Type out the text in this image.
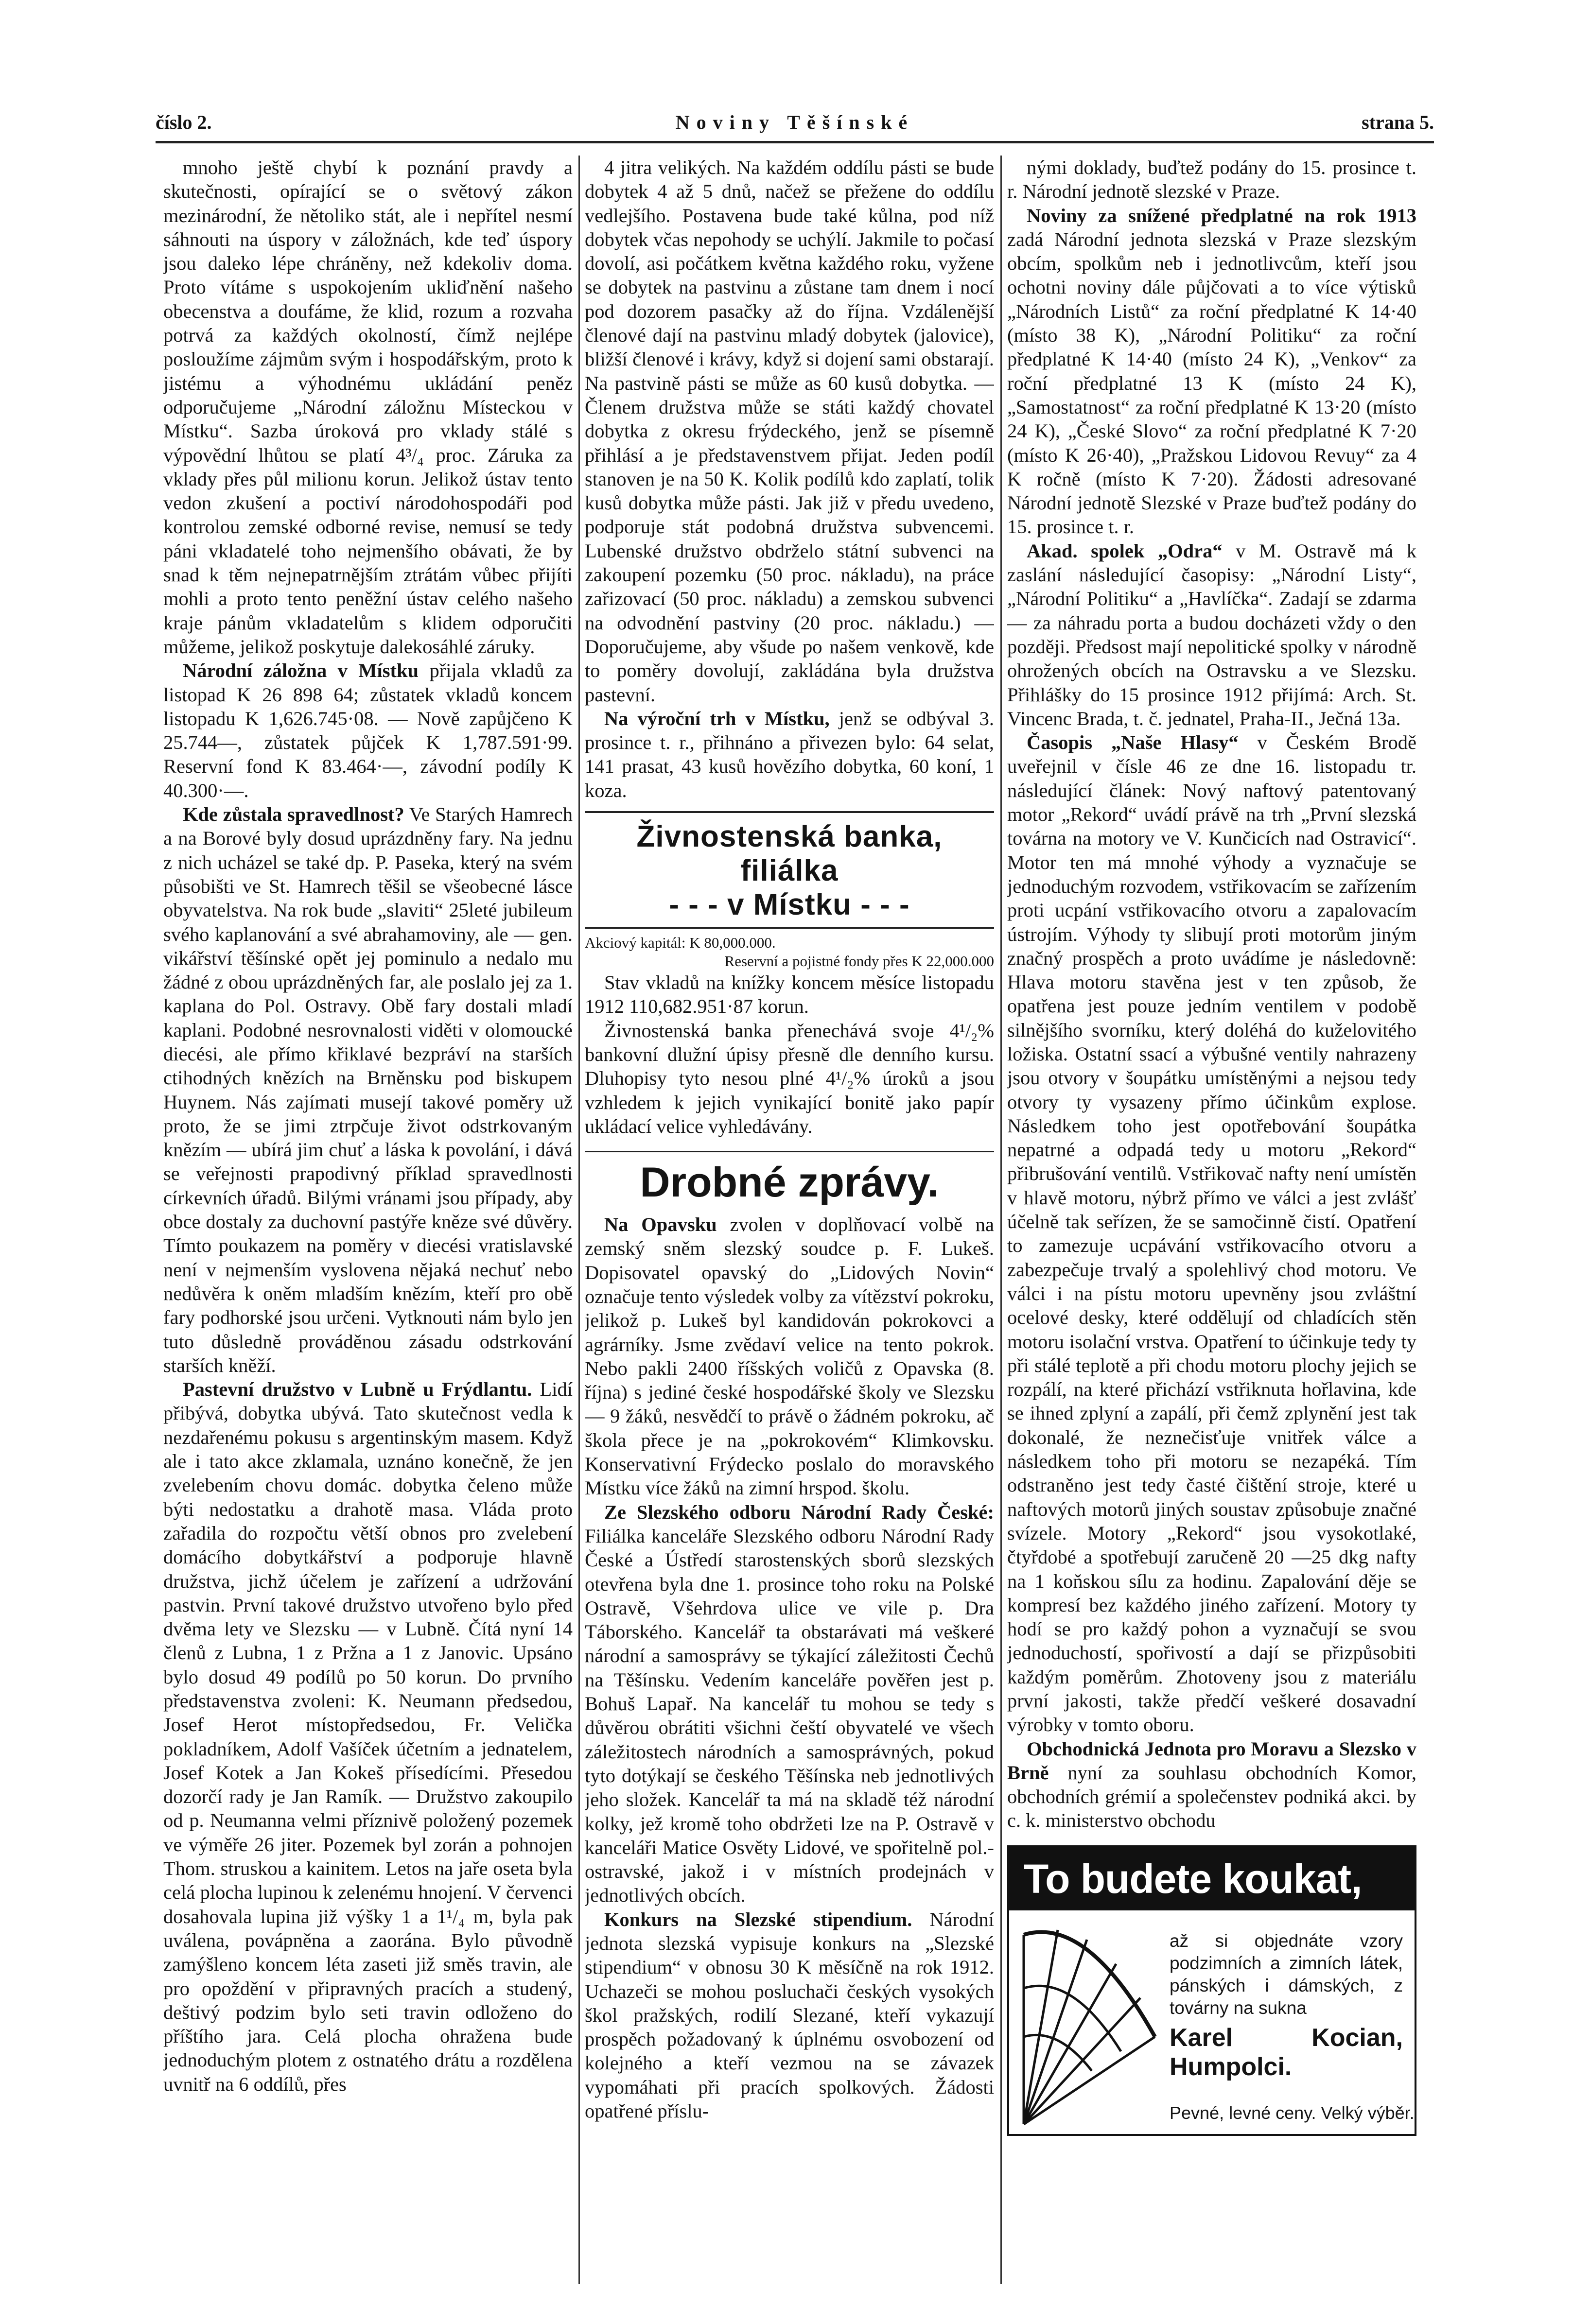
číslo 2.	Noviny Těšínské	strana 5.

mnoho ještě chybí k poznání pravdy a skutečnosti, opírající se o světový zákon mezinárodní, že nětoliko stát, ale i nepřítel nesmí sáhnouti na úspory v záložnách, kde teď úspory jsou daleko lépe chráněny, než kdekoliv doma. Proto vítáme s uspokojením ukliďnění našeho obecenstva a doufáme, že klid, rozum a rozvaha potrvá za každých okolností, čímž nejlépe posloužíme zájmům svým i hospodářským, proto k jistému a výhodnému ukládání peněz odporučujeme „Národní záložnu Místeckou v Místku“. Sazba úroková pro vklady stálé s výpovědní lhůtou se platí 4³/₄ proc. Záruka za vklady přes půl milionu korun. Jelikož ústav tento vedon zkušení a poctiví národohospodáři pod kontrolou zemské odborné revise, nemusí se tedy páni vkladatelé toho nejmenšího obávati, že by snad k těm nejnepatrnějším ztrátám vůbec přijíti mohli a proto tento peněžní ústav celého našeho kraje pánům vkladatelům s klidem odporučiti můžeme, jelikož poskytuje dalekosáhlé záruky.

Národní záložna v Místku přijala vkladů za listopad K 26 898 64; zůstatek vkladů koncem listopadu K 1,626.745·08. — Nově zapůjčeno K 25.744—, zůstatek půjček K 1,787.591·99. Reservní fond K 83.464·—, závodní podíly K 40.300·—.

Kde zůstala spravedlnost? Ve Starých Hamrech a na Borové byly dosud uprázdněny fary. Na jednu z nich ucházel se také dp. P. Paseka, který na svém působišti ve St. Hamrech těšil se všeobecné lásce obyvatelstva. Na rok bude „slaviti“ 25leté jubileum svého kaplanování a své abrahamoviny, ale — gen. vikářství těšínské opět jej pominulo a nedalo mu žádné z obou uprázdněných far, ale poslalo jej za 1. kaplana do Pol. Ostravy. Obě fary dostali mladí kaplani. Podobné nesrovnalosti viděti v olomoucké diecési, ale přímo křiklavé bezpráví na starších ctihodných knězích na Brněnsku pod biskupem Huynem. Nás zajímati musejí takové poměry už proto, že se jimi ztrpčuje život odstrkovaným knězím — ubírá jim chuť a láska k povolání, i dává se veřejnosti prapodivný příklad spravedlnosti církevních úřadů. Bilými vránami jsou případy, aby obce dostaly za duchovní pastýře kněze své důvěry. Tímto poukazem na poměry v diecési vratislavské není v nejmenším vyslovena nějaká nechuť nebo nedůvěra k oněm mladším knězím, kteří pro obě fary podhorské jsou určeni. Vytknouti nám bylo jen tuto důsledně prováděnou zásadu odstrkování starších kněží.

Pastevní družstvo v Lubně u Frýdlantu. Lidí přibývá, dobytka ubývá. Tato skutečnost vedla k nezdařenému pokusu s argentinským masem. Když ale i tato akce zklamala, uznáno konečně, že jen zvelebením chovu domác. dobytka čeleno může býti nedostatku a drahotě masa. Vláda proto zařadila do rozpočtu větší obnos pro zvelebení domácího dobytkářství a podporuje hlavně družstva, jichž účelem je zařízení a udržování pastvin. První takové družstvo utvořeno bylo před dvěma lety ve Slezsku — v Lubně. Čítá nyní 14 členů z Lubna, 1 z Pržna a 1 z Janovic. Upsáno bylo dosud 49 podílů po 50 korun. Do prvního představenstva zvoleni: K. Neumann předsedou, Josef Herot místopředsedou, Fr. Velička pokladníkem, Adolf Vašíček účetním a jednatelem, Josef Kotek a Jan Kokeš přísedícími. Přesedou dozorčí rady je Jan Ramík. — Družstvo zakoupilo od p. Neumanna velmi příznivě položený pozemek ve výměře 26 jiter. Pozemek byl zorán a pohnojen Thom. struskou a kainitem. Letos na jaře oseta byla celá plocha lupinou k zelenému hnojení. V červenci dosahovala lupina již výšky 1 a 1¹/₄ m, byla pak uválena, povápněna a zaorána. Bylo původně zamýšleno koncem léta zaseti již směs travin, ale pro opoždění v připravných pracích a studený, deštivý podzim bylo seti travin odloženo do příštího jara. Celá plocha ohražena bude jednoduchým plotem z ostnatého drátu a rozdělena uvnitř na 6 oddílů, přes

4 jitra velikých. Na každém oddílu pásti se bude dobytek 4 až 5 dnů, načež se přežene do oddílu vedlejšího. Postavena bude také kůlna, pod níž dobytek včas nepohody se uchýlí. Jakmile to počasí dovolí, asi počátkem května každého roku, vyžene se dobytek na pastvinu a zůstane tam dnem i nocí pod dozorem pasačky až do října. Vzdálenější členové dají na pastvinu mladý dobytek (jalovice), bližší členové i krávy, když si dojení sami obstarají. Na pastvině pásti se může as 60 kusů dobytka. — Členem družstva může se státi každý chovatel dobytka z okresu frýdeckého, jenž se písemně přihlásí a je představenstvem přijat. Jeden podíl stanoven je na 50 K. Kolik podílů kdo zaplatí, tolik kusů dobytka může pásti. Jak již v předu uvedeno, podporuje stát podobná družstva subvencemi. Lubenské družstvo obdrželo státní subvenci na zakoupení pozemku (50 proc. nákladu), na práce zařizovací (50 proc. nákladu) a zemskou subvenci na odvodnění pastviny (20 proc. nákladu.) — Doporučujeme, aby všude po našem venkově, kde to poměry dovolují, zakládána byla družstva pastevní.

Na výroční trh v Místku, jenž se odbýval 3. prosince t. r., přihnáno a přivezen bylo: 64 selat, 141 prasat, 43 kusů hovězího dobytka, 60 koní, 1 koza.

Živnostenská banka, filiálka
- - - v Místku - - -

Akciový kapitál: K 80,000.000.

Reservní a pojistné fondy přes K 22,000.000

Stav vkladů na knížky koncem měsíce listopadu 1912 110,682.951·87 korun.

Živnostenská banka přenechává svoje 4¹/₂% bankovní dlužní úpisy přesně dle denního kursu. Dluhopisy tyto nesou plné 4¹/₂% úroků a jsou vzhledem k jejich vynikající bonitě jako papír ukládací velice vyhledávány.

Drobné zprávy.

Na Opavsku zvolen v doplňovací volbě na zemský sněm slezský soudce p. F. Lukeš. Dopisovatel opavský do „Lidových Novin“ označuje tento výsledek volby za vítězství pokroku, jelikož p. Lukeš byl kandidován pokrokovci a agrárníky. Jsme zvědaví velice na tento pokrok. Nebo pakli 2400 říšských voličů z Opavska (8. října) s jediné české hospodářské školy ve Slezsku — 9 žáků, nesvědčí to právě o žádném pokroku, ač škola přece je na „pokrokovém“ Klimkovsku. Konservativní Frýdecko poslalo do moravského Místku více žáků na zimní hrspod. školu.

Ze Slezského odboru Národní Rady České: Filiálka kanceláře Slezského odboru Národní Rady České a Ústředí starostenských sborů slezských otevřena byla dne 1. prosince toho roku na Polské Ostravě, Všehrdova ulice ve vile p. Dra Táborského. Kancelář ta obstarávati má veškeré národní a samosprávy se týkající záležitosti Čechů na Těšínsku. Vedením kanceláře pověřen jest p. Bohuš Lapař. Na kancelář tu mohou se tedy s důvěrou obrátiti všichni čeští obyvatelé ve všech záležitostech národních a samosprávných, pokud tyto dotýkají se českého Těšínska neb jednotlivých jeho složek. Kancelář ta má na skladě též národní kolky, jež kromě toho obdržeti lze na P. Ostravě v kanceláři Matice Osvěty Lidové, ve spořitelně pol.-ostravské, jakož i v místních prodejnách v jednotlivých obcích.

Konkurs na Slezské stipendium. Národní jednota slezská vypisuje konkurs na „Slezské stipendium“ v obnosu 30 K měsíčně na rok 1912. Uchazeči se mohou posluchači českých vysokých škol pražských, rodilí Slezané, kteří vykazují prospěch požadovaný k úplnému osvobození od kolejného a kteří vezmou na se závazek vypomáhati při pracích spolkových. Žádosti opatřené příslu-

nými doklady, buďtež podány do 15. prosince t. r. Národní jednotě slezské v Praze.

Noviny za snížené předplatné na rok 1913 zadá Národní jednota slezská v Praze slezským obcím, spolkům neb i jednotlivcům, kteří jsou ochotni noviny dále půjčovati a to více výtisků „Národních Listů“ za roční předplatné K 14·40 (místo 38 K), „Národní Politiku“ za roční předplatné K 14·40 (místo 24 K), „Venkov“ za roční předplatné 13 K (místo 24 K), „Samostatnost“ za roční předplatné K 13·20 (místo 24 K), „České Slovo“ za roční předplatné K 7·20 (místo K 26·40), „Pražskou Lidovou Revuy“ za 4 K ročně (místo K 7·20). Žádosti adresované Národní jednotě Slezské v Praze buďtež podány do 15. prosince t. r.

Akad. spolek „Odra“ v M. Ostravě má k zaslání následující časopisy: „Národní Listy“, „Národní Politiku“ a „Havlíčka“. Zadají se zdarma — za náhradu porta a budou docházeti vždy o den později. Předsost mají nepolitické spolky v národně ohrožených obcích na Ostravsku a ve Slezsku. Přihlášky do 15 prosince 1912 přijímá: Arch. St. Vincenc Brada, t. č. jednatel, Praha-II., Ječná 13a.

Časopis „Naše Hlasy“ v Českém Brodě uveřejnil v čísle 46 ze dne 16. listopadu tr. následující článek: Nový naftový patentovaný motor „Rekord“ uvádí právě na trh „První slezská továrna na motory ve V. Kunčicích nad Ostravicí“. Motor ten má mnohé výhody a vyznačuje se jednoduchým rozvodem, vstřikovacím se zařízením proti ucpání vstřikovacího otvoru a zapalovacím ústrojím. Výhody ty slibují proti motorům jiným značný prospěch a proto uvádíme je následovně: Hlava motoru stavěna jest v ten způsob, že opatřena jest pouze jedním ventilem v podobě silnějšího svorníku, který doléhá do kuželovitého ložiska. Ostatní ssací a výbušné ventily nahrazeny jsou otvory v šoupátku umístěnými a nejsou tedy otvory ty vysazeny přímo účinkům explose. Následkem toho jest opotřebování šoupátka nepatrné a odpadá tedy u motoru „Rekord“ přibrušování ventilů. Vstřikovač nafty není umístěn v hlavě motoru, nýbrž přímo ve válci a jest zvlášť účelně tak seřízen, že se samočinně čistí. Opatření to zamezuje ucpávání vstřikovacího otvoru a zabezpečuje trvalý a spolehlivý chod motoru. Ve válci i na pístu motoru upevněny jsou zvláštní ocelové desky, které oddělují od chladících stěn motoru isolační vrstva. Opatření to účinkuje tedy ty při stálé teplotě a při chodu motoru plochy jejich se rozpálí, na které přichází vstřiknuta hořlavina, kde se ihned zplyní a zapálí, při čemž zplynění jest tak dokonalé, že neznečisťuje vnitřek válce a následkem toho při motoru se nezapéká. Tím odstraněno jest tedy časté čištění stroje, které u naftových motorů jiných soustav způsobuje značné svízele. Motory „Rekord“ jsou vysokotlaké, čtyřdobé a spotřebují zaručeně 20 —25 dkg nafty na 1 koňskou sílu za hodinu. Zapalování děje se kompresí bez každého jiného zařízení. Motory ty hodí se pro každý pohon a vyznačují se svou jednoduchostí, spořivostí a dají se přizpůsobiti každým poměrům. Zhotoveny jsou z materiálu první jakosti, takže předčí veškeré dosavadní výrobky v tomto oboru.

Obchodnická Jednota pro Moravu a Slezsko v Brně nyní za souhlasu obchodních Komor, obchodních grémií a společenstev podniká akci. by c. k. ministerstvo obchodu

To budete koukat,
až si objednáte vzory podzimních a zimních látek, pánských i dámských, z továrny na sukna
Karel Kocian, Humpolci.
Pevné, levné ceny. Velký výběr.
